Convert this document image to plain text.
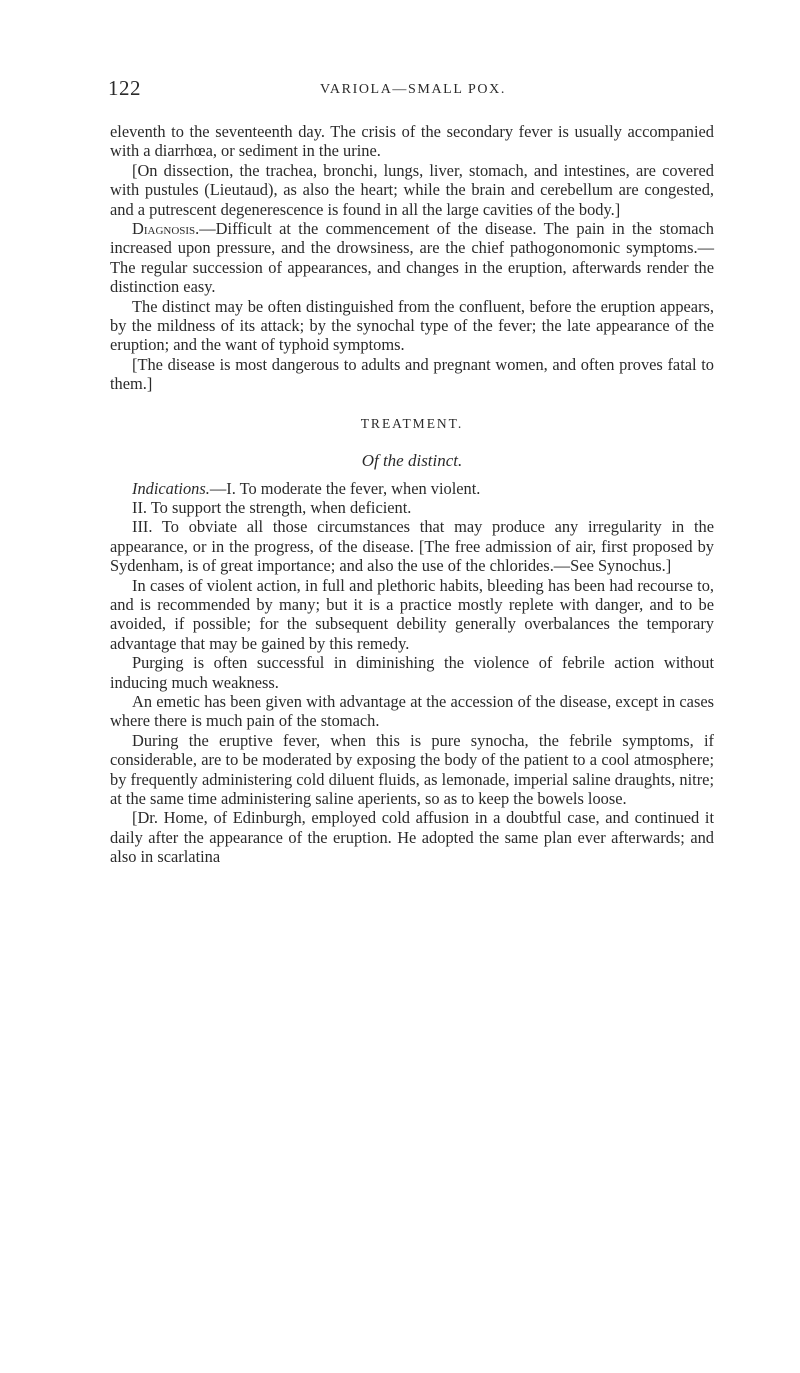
122	VARIOLA—SMALL POX.

eleventh to the seventeenth day. The crisis of the secondary fever is usually accompanied with a diarrhœa, or sediment in the urine.

[On dissection, the trachea, bronchi, lungs, liver, stomach, and intestines, are covered with pustules (Lieutaud), as also the heart; while the brain and cerebellum are congested, and a putrescent degenerescence is found in all the large cavities of the body.]

Diagnosis.—Difficult at the commencement of the disease. The pain in the stomach increased upon pressure, and the drowsiness, are the chief pathogonomonic symptoms.—The regular succession of appearances, and changes in the eruption, afterwards render the distinction easy.

The distinct may be often distinguished from the confluent, before the eruption appears, by the mildness of its attack; by the synochal type of the fever; the late appearance of the eruption; and the want of typhoid symptoms.

[The disease is most dangerous to adults and pregnant women, and often proves fatal to them.]

TREATMENT.
Of the distinct.

Indications.—I. To moderate the fever, when violent.

II. To support the strength, when deficient.

III. To obviate all those circumstances that may produce any irregularity in the appearance, or in the progress, of the disease. [The free admission of air, first proposed by Sydenham, is of great importance; and also the use of the chlorides.—See Synochus.]

In cases of violent action, in full and plethoric habits, bleeding has been had recourse to, and is recommended by many; but it is a practice mostly replete with danger, and to be avoided, if possible; for the subsequent debility generally overbalances the temporary advantage that may be gained by this remedy.

Purging is often successful in diminishing the violence of febrile action without inducing much weakness.

An emetic has been given with advantage at the accession of the disease, except in cases where there is much pain of the stomach.

During the eruptive fever, when this is pure synocha, the febrile symptoms, if considerable, are to be moderated by exposing the body of the patient to a cool atmosphere; by frequently administering cold diluent fluids, as lemonade, imperial saline draughts, nitre; at the same time administering saline aperients, so as to keep the bowels loose.

[Dr. Home, of Edinburgh, employed cold affusion in a doubtful case, and continued it daily after the appearance of the eruption. He adopted the same plan ever afterwards; and also in scarlatina
